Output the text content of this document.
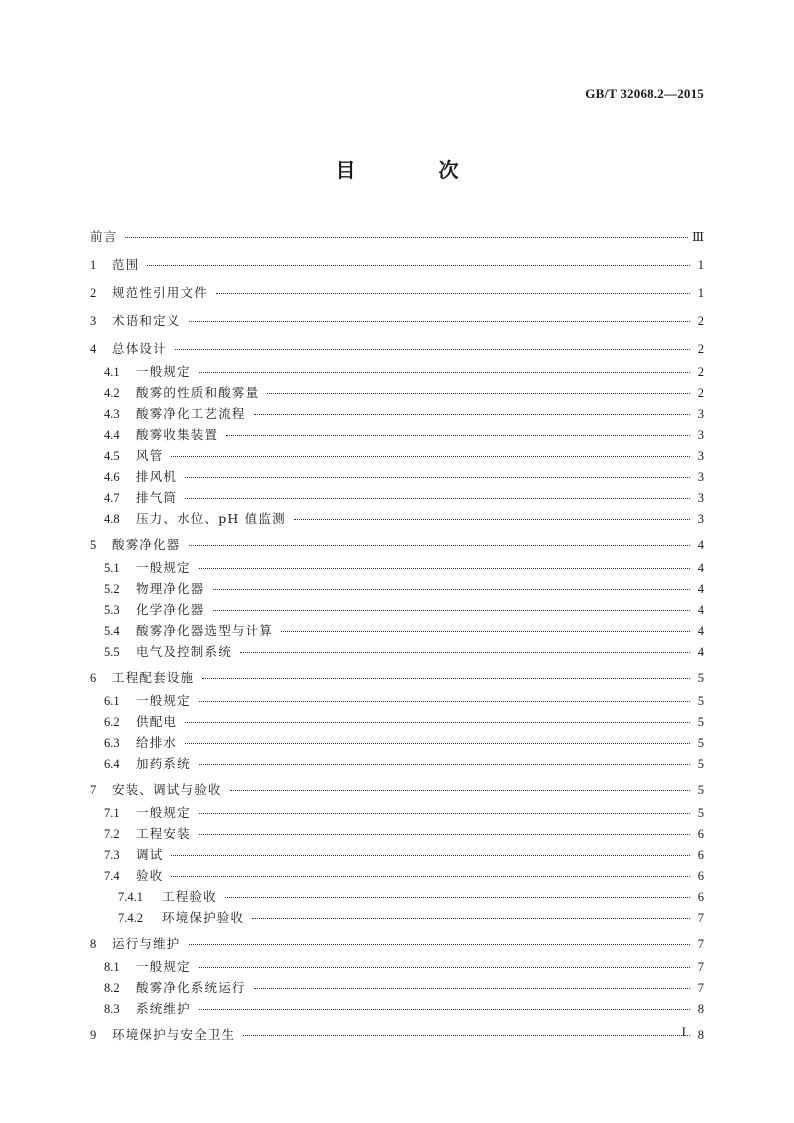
GB/T 32068.2—2015
目 次
前言	Ⅲ
1	范围	1
2	规范性引用文件	1
3	术语和定义	2
4	总体设计	2
4.1	一般规定	2
4.2	酸雾的性质和酸雾量	2
4.3	酸雾净化工艺流程	3
4.4	酸雾收集装置	3
4.5	风管	3
4.6	排风机	3
4.7	排气筒	3
4.8	压力、水位、pH 值监测	3
5	酸雾净化器	4
5.1	一般规定	4
5.2	物理净化器	4
5.3	化学净化器	4
5.4	酸雾净化器选型与计算	4
5.5	电气及控制系统	4
6	工程配套设施	5
6.1	一般规定	5
6.2	供配电	5
6.3	给排水	5
6.4	加药系统	5
7	安装、调试与验收	5
7.1	一般规定	5
7.2	工程安装	6
7.3	调试	6
7.4	验收	6
7.4.1	工程验收	6
7.4.2	环境保护验收	7
8	运行与维护	7
8.1	一般规定	7
8.2	酸雾净化系统运行	7
8.3	系统维护	8
9	环境保护与安全卫生	8
I
